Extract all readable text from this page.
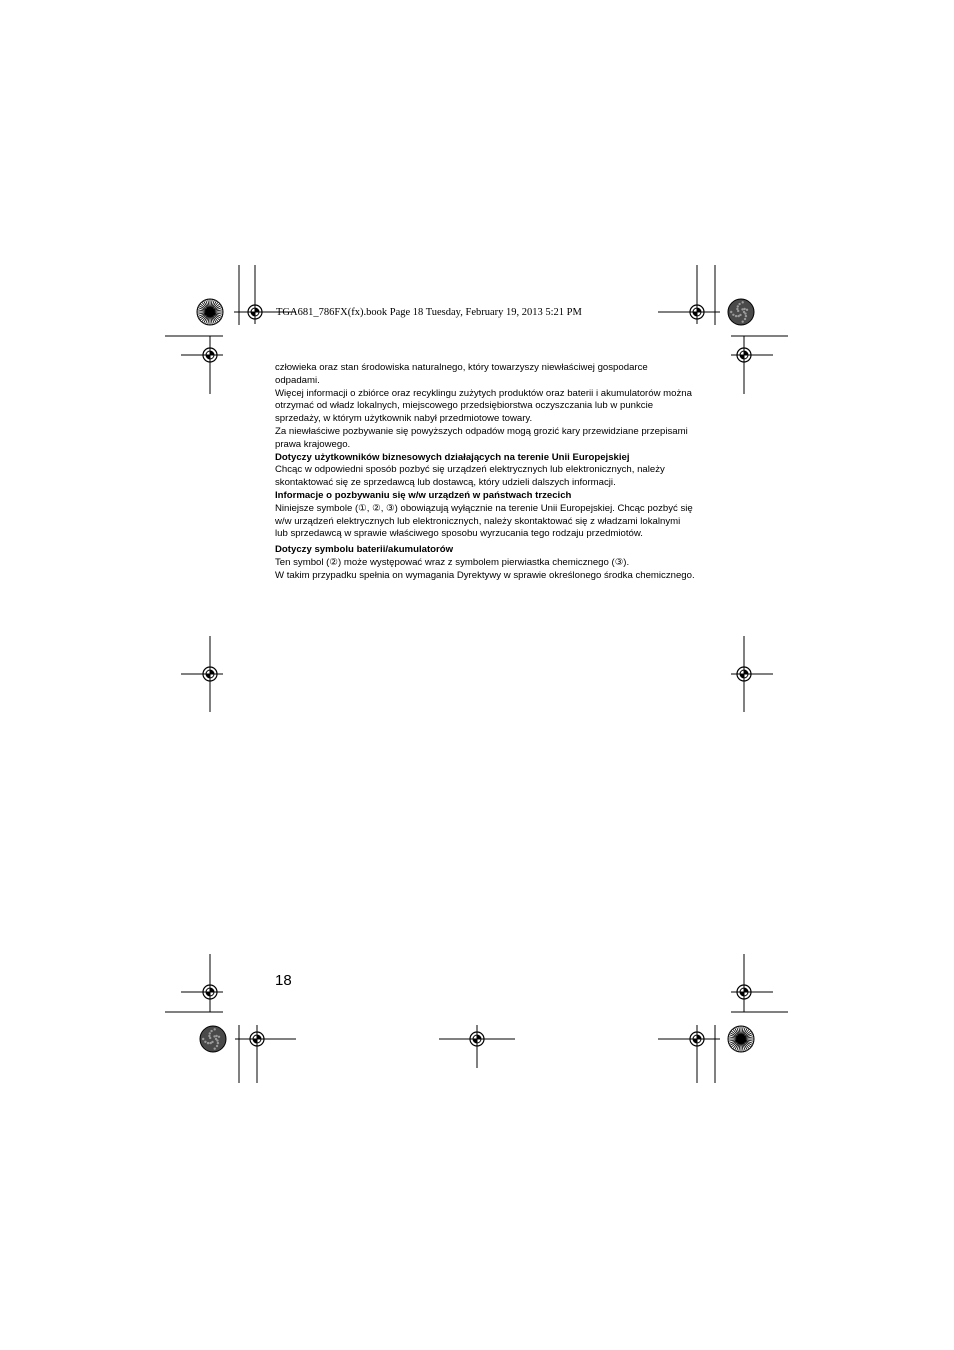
TGA681_786FX(fx).book Page 18 Tuesday, February 19, 2013 5:21 PM

człowieka oraz stan środowiska naturalnego, który towarzyszy niewłaściwej gospodarce odpadami.

Więcej informacji o zbiórce oraz recyklingu zużytych produktów oraz baterii i akumulatorów można otrzymać od władz lokalnych, miejscowego przedsiębiorstwa oczyszczania lub w punkcie sprzedaży, w którym użytkownik nabył przedmiotowe towary.

Za niewłaściwe pozbywanie się powyższych odpadów mogą grozić kary przewidziane przepisami prawa krajowego.

Dotyczy użytkowników biznesowych działających na terenie Unii Europejskiej

Chcąc w odpowiedni sposób pozbyć się urządzeń elektrycznych lub elektronicznych, należy skontaktować się ze sprzedawcą lub dostawcą, który udzieli dalszych informacji.

Informacje o pozbywaniu się w/w urządzeń w państwach trzecich

Niniejsze symbole (①, ②, ③) obowiązują wyłącznie na terenie Unii Europejskiej. Chcąc pozbyć się w/w urządzeń elektrycznych lub elektronicznych, należy skontaktować się z władzami lokalnymi lub sprzedawcą w sprawie właściwego sposobu wyrzucania tego rodzaju przedmiotów.

Dotyczy symbolu baterii/akumulatorów

Ten symbol (②) może występować wraz z symbolem pierwiastka chemicznego (③).

W takim przypadku spełnia on wymagania Dyrektywy w sprawie określonego środka chemicznego.

18
